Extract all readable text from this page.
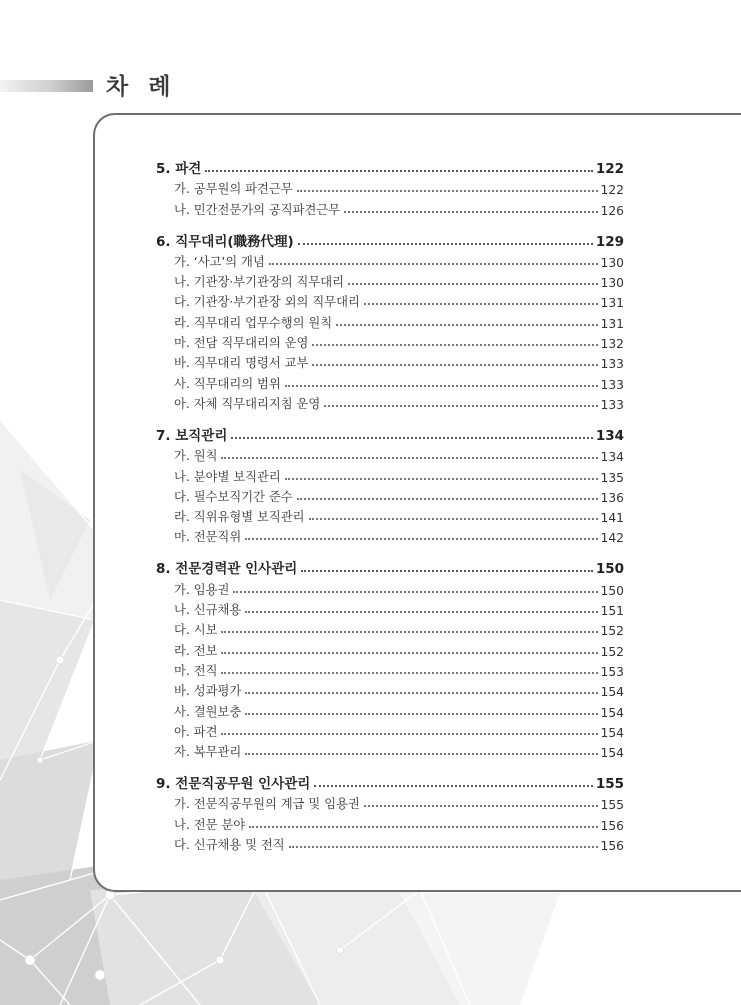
차 례
5. 파견	122
가. 공무원의 파견근무	122
나. 민간전문가의 공직파견근무	126
6. 직무대리(職務代理)	129
가. ‘사고’의 개념	130
나. 기관장·부기관장의 직무대리	130
다. 기관장·부기관장 외의 직무대리	131
라. 직무대리 업무수행의 원칙	131
마. 전담 직무대리의 운영	132
바. 직무대리 명령서 교부	133
사. 직무대리의 범위	133
아. 자체 직무대리지침 운영	133
7. 보직관리	134
가. 원칙	134
나. 분야별 보직관리	135
다. 필수보직기간 준수	136
라. 직위유형별 보직관리	141
마. 전문직위	142
8. 전문경력관 인사관리	150
가. 임용권	150
나. 신규채용	151
다. 시보	152
라. 전보	152
마. 전직	153
바. 성과평가	154
사. 결원보충	154
아. 파견	154
자. 복무관리	154
9. 전문직공무원 인사관리	155
가. 전문직공무원의 계급 및 임용권	155
나. 전문 분야	156
다. 신규채용 및 전직	156
